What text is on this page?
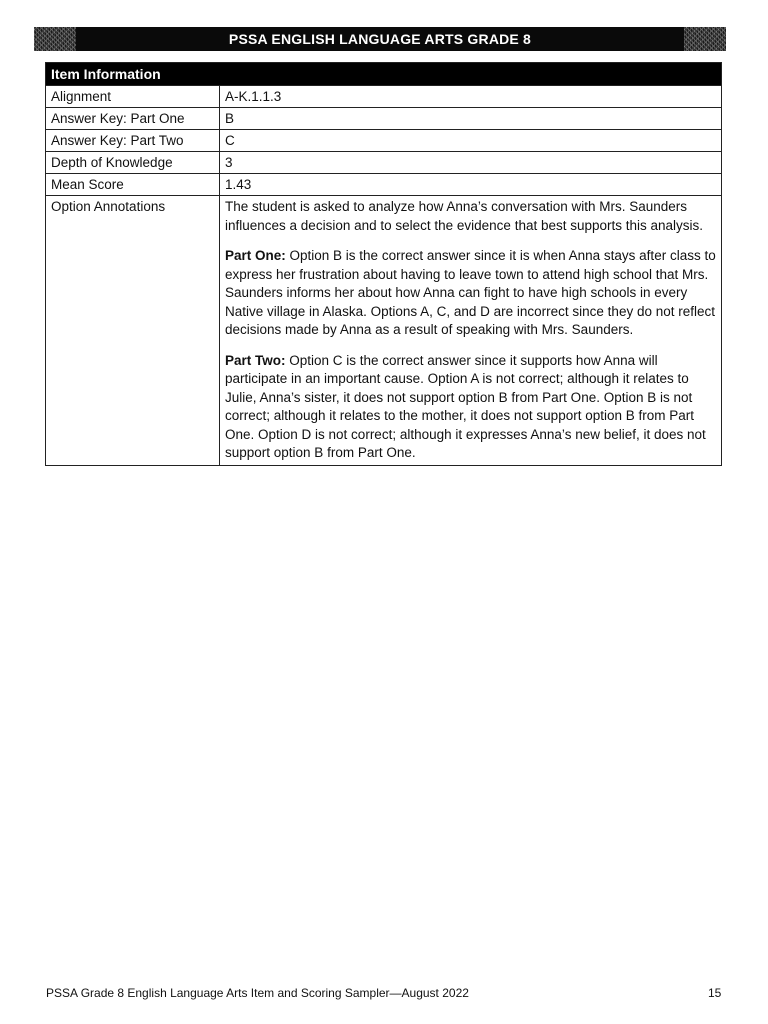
PSSA ENGLISH LANGUAGE ARTS GRADE 8
Item Information	
Alignment	A-K.1.1.3
Answer Key: Part One	B
Answer Key: Part Two	C
Depth of Knowledge	3
Mean Score	1.43
Option Annotations	The student is asked to analyze how Anna’s conversation with Mrs. Saunders influences a decision and to select the evidence that best supports this analysis.

Part One: Option B is the correct answer since it is when Anna stays after class to express her frustration about having to leave town to attend high school that Mrs. Saunders informs her about how Anna can fight to have high schools in every Native village in Alaska. Options A, C, and D are incorrect since they do not reflect decisions made by Anna as a result of speaking with Mrs. Saunders.

Part Two: Option C is the correct answer since it supports how Anna will participate in an important cause. Option A is not correct; although it relates to Julie, Anna’s sister, it does not support option B from Part One. Option B is not correct; although it relates to the mother, it does not support option B from Part One. Option D is not correct; although it expresses Anna’s new belief, it does not support option B from Part One.

PSSA Grade 8 English Language Arts Item and Scoring Sampler—August 2022	15
